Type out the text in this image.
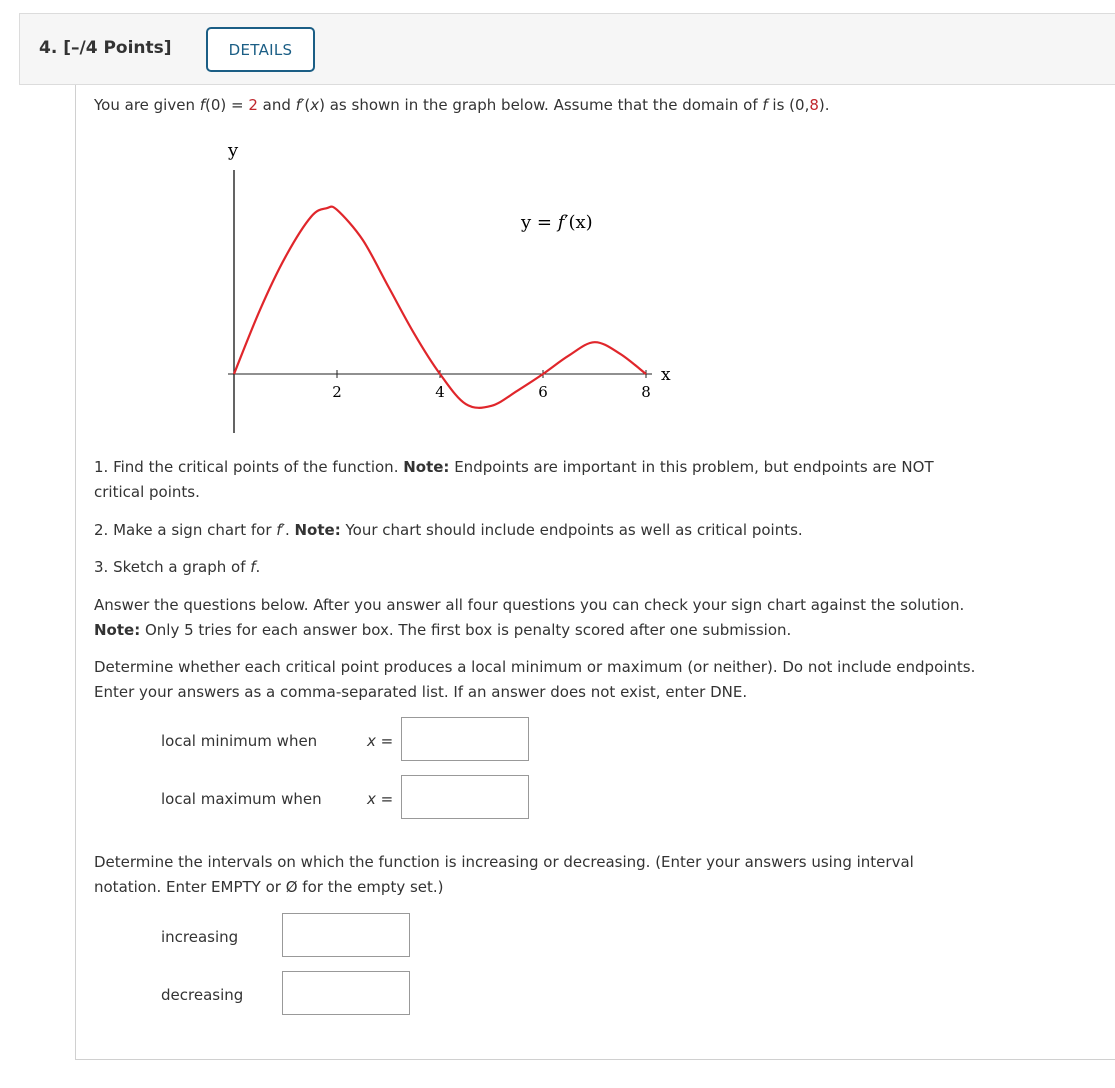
4. [–/4 Points]	DETAILS
You are given f(0) = 2 and f′(x) as shown in the graph below. Assume that the domain of f is (0,8).
y
x
2	4	6	8
y = f′(x)
1. Find the critical points of the function. Note: Endpoints are important in this problem, but endpoints are NOT critical points.
2. Make a sign chart for f′. Note: Your chart should include endpoints as well as critical points.
3. Sketch a graph of f.
Answer the questions below. After you answer all four questions you can check your sign chart against the solution. Note: Only 5 tries for each answer box. The first box is penalty scored after one submission.
Determine whether each critical point produces a local minimum or maximum (or neither). Do not include endpoints. Enter your answers as a comma-separated list. If an answer does not exist, enter DNE.
local minimum when	x =
local maximum when	x =
Determine the intervals on which the function is increasing or decreasing. (Enter your answers using interval notation. Enter EMPTY or Ø for the empty set.)
increasing
decreasing
